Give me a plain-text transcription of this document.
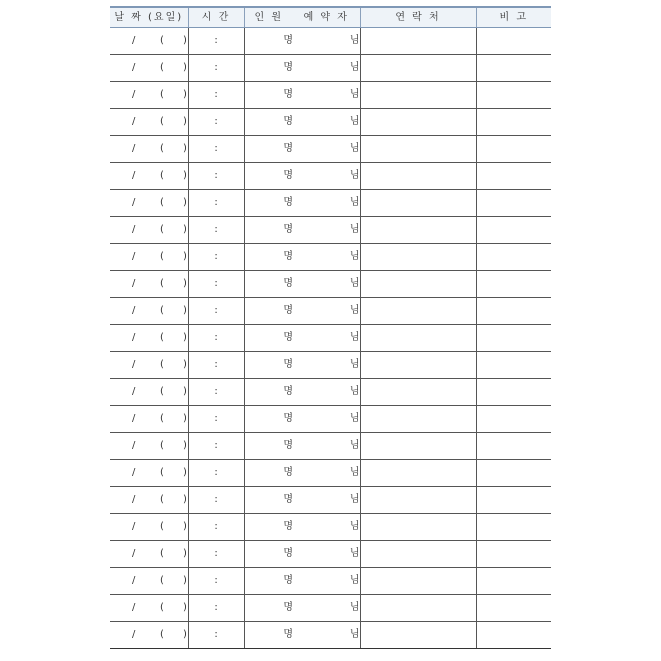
날 짜 (요일)	시 간	인 원	예 약 자	연 락 처	비 고

/ ( )	:	명	님		

/ ( )	:	명	님		

/ ( )	:	명	님		

/ ( )	:	명	님		

/ ( )	:	명	님		

/ ( )	:	명	님		

/ ( )	:	명	님		

/ ( )	:	명	님		

/ ( )	:	명	님		

/ ( )	:	명	님		

/ ( )	:	명	님		

/ ( )	:	명	님		

/ ( )	:	명	님		

/ ( )	:	명	님		

/ ( )	:	명	님		

/ ( )	:	명	님		

/ ( )	:	명	님		

/ ( )	:	명	님		

/ ( )	:	명	님		

/ ( )	:	명	님		

/ ( )	:	명	님		

/ ( )	:	명	님		

/ ( )	:	명	님		
